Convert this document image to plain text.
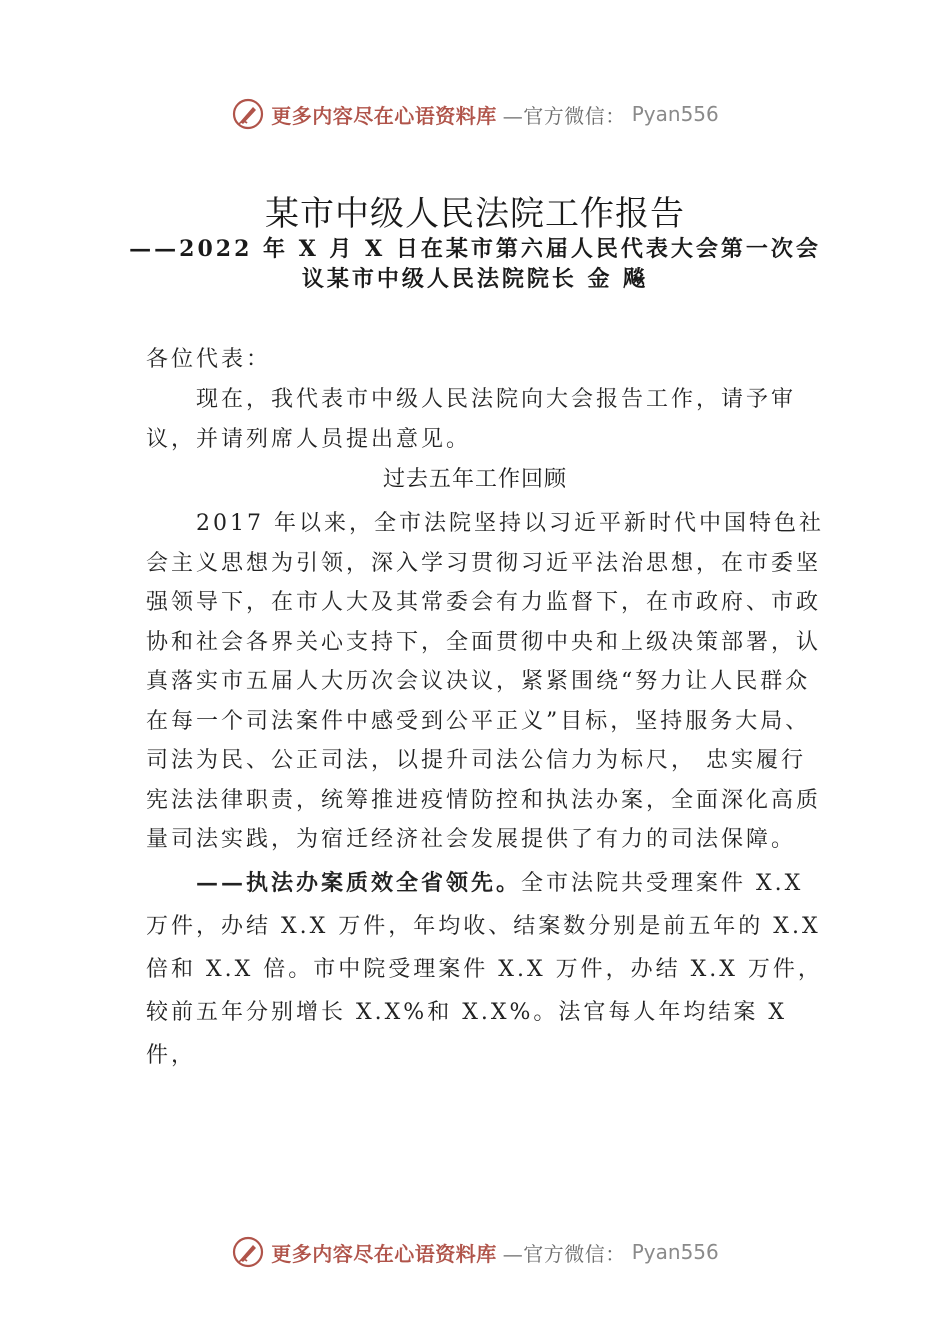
更多内容尽在心语资料库 —官方微信： Pyan556
某市中级人民法院工作报告
——2022 年 X 月 X 日在某市第六届人民代表大会第一次会
议某市中级人民法院院长 金 飚
各位代表：
现在，我代表市中级人民法院向大会报告工作，请予审议，并请列席人员提出意见。
过去五年工作回顾
2017 年以来，全市法院坚持以习近平新时代中国特色社会主义思想为引领，深入学习贯彻习近平法治思想，在市委坚强领导下，在市人大及其常委会有力监督下，在市政府、市政协和社会各界关心支持下，全面贯彻中央和上级决策部署，认真落实市五届人大历次会议决议，紧紧围绕“努力让人民群众在每一个司法案件中感受到公平正义”目标，坚持服务大局、司法为民、公正司法，以提升司法公信力为标尺， 忠实履行宪法法律职责，统筹推进疫情防控和执法办案，全面深化高质量司法实践，为宿迁经济社会发展提供了有力的司法保障。
——执法办案质效全省领先。全市法院共受理案件 X.X 万件，办结 X.X 万件，年均收、结案数分别是前五年的 X.X 倍和 X.X 倍。市中院受理案件 X.X 万件，办结 X.X 万件，较前五年分别增长 X.X%和 X.X%。法官每人年均结案 X 件，
更多内容尽在心语资料库 —官方微信： Pyan556
